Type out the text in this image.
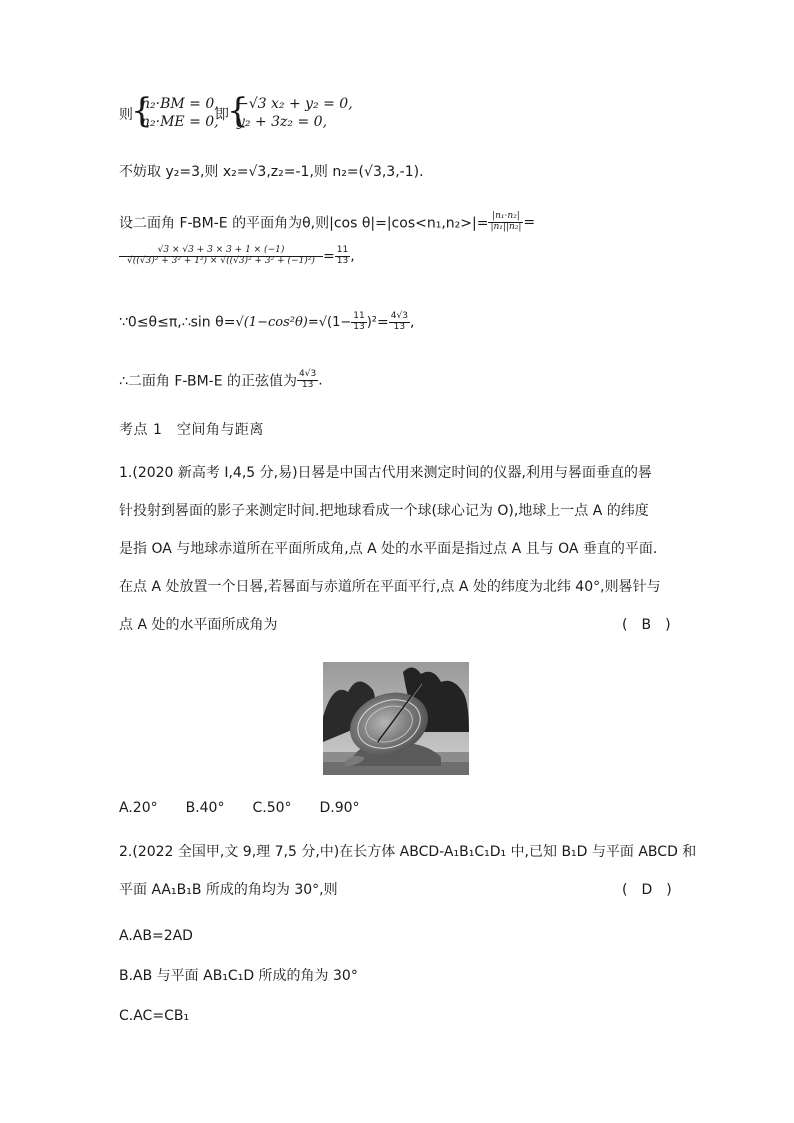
则
{
n₂·BM = 0,
n₂·ME = 0,
即
{
−√3 x₂ + y₂ = 0,
y₂ + 3z₂ = 0,
不妨取 y₂=3,则 x₂=√3,z₂=-1,则 n₂=(√3,3,-1).
设二面角 F-BM-E 的平面角为θ,则|cos $\theta|=|\cos<n_1,n_2>|= \frac{\text{|n₁·n₂|}}{\text{|n₁||n₂|}}$ =
$\frac{√3 \times √3 + 3 \times 3 + 1 \times (-1)}{\text{√((√3)² + 3² + 1²) × √((√3)² + 3² + (−1)²)}} = \frac{11}{13}$ ,
∵0≤θ≤π,∴sin $\theta=√(1-\cos^2\theta)=√(1- \frac{11}{13} )^2= \frac{4√3}{13}$ ,
∴二面角 F-BM-E 的正弦值为 $\frac{4√3}{13}$ .
考点 1　空间角与距离
1.(2020 新高考 Ⅰ,4,5 分,易)日晷是中国古代用来测定时间的仪器,利用与晷面垂直的晷
针投射到晷面的影子来测定时间.把地球看成一个球(球心记为 O),地球上一点 A 的纬度
是指 OA 与地球赤道所在平面所成角,点 A 处的水平面是指过点 A 且与 OA 垂直的平面.
在点 A 处放置一个日晷,若晷面与赤道所在平面平行,点 A 处的纬度为北纬 40°,则晷针与
点 A 处的水平面所成角为	(　B　)
A.20°　　B.40°　　C.50°　　D.90°
2.(2022 全国甲,文 9,理 7,5 分,中)在长方体 ABCD-A₁B₁C₁D₁ 中,已知 B₁D 与平面 ABCD 和
平面 AA₁B₁B 所成的角均为 30°,则	(　D　)
A.AB=2AD
B.AB 与平面 AB₁C₁D 所成的角为 30°
C.AC=CB₁
